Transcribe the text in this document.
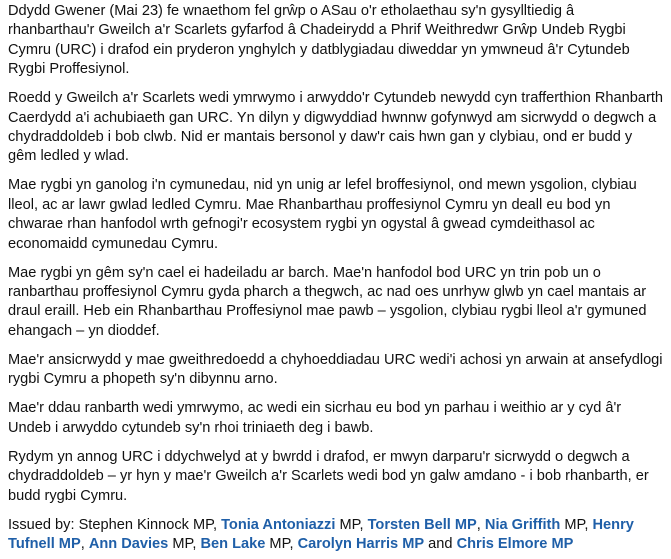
Ddydd Gwener (Mai 23) fe wnaethom fel grŵp o ASau o'r etholaethau sy'n gysylltiedig â rhanbarthau'r Gweilch a'r Scarlets gyfarfod â Chadeirydd a Phrif Weithredwr Grŵp Undeb Rygbi Cymru (URC) i drafod ein pryderon ynghylch y datblygiadau diweddar yn ymwneud â'r Cytundeb Rygbi Proffesiynol.

Roedd y Gweilch a'r Scarlets wedi ymrwymo i arwyddo'r Cytundeb newydd cyn trafferthion Rhanbarth Caerdydd a'i achubiaeth gan URC. Yn dilyn y digwyddiad hwnnw gofynwyd am sicrwydd o degwch a chydraddoldeb i bob clwb. Nid er mantais bersonol y daw'r cais hwn gan y clybiau, ond er budd y gêm ledled y wlad.

Mae rygbi yn ganolog i'n cymunedau, nid yn unig ar lefel broffesiynol, ond mewn ysgolion, clybiau lleol, ac ar lawr gwlad ledled Cymru. Mae Rhanbarthau proffesiynol Cymru yn deall eu bod yn chwarae rhan hanfodol wrth gefnogi'r ecosystem rygbi yn ogystal â gwead cymdeithasol ac economaidd cymunedau Cymru.

Mae rygbi yn gêm sy'n cael ei hadeiladu ar barch. Mae'n hanfodol bod URC yn trin pob un o ranbarthau proffesiynol Cymru gyda pharch a thegwch, ac nad oes unrhyw glwb yn cael mantais ar draul eraill. Heb ein Rhanbarthau Proffesiynol mae pawb – ysgolion, clybiau rygbi lleol a'r gymuned ehangach – yn dioddef.

Mae'r ansicrwydd y mae gweithredoedd a chyhoeddiadau URC wedi'i achosi yn arwain at ansefydlogi rygbi Cymru a phopeth sy'n dibynnu arno.

Mae'r ddau ranbarth wedi ymrwymo, ac wedi ein sicrhau eu bod yn parhau i weithio ar y cyd â'r Undeb i arwyddo cytundeb sy'n rhoi triniaeth deg i bawb.

Rydym yn annog URC i ddychwelyd at y bwrdd i drafod, er mwyn darparu'r sicrwydd o degwch a chydraddoldeb – yr hyn y mae'r Gweilch a'r Scarlets wedi bod yn galw amdano - i bob rhanbarth, er budd rygbi Cymru.

Issued by: Stephen Kinnock MP, Tonia Antoniazzi MP, Torsten Bell MP, Nia Griffith MP, Henry Tufnell MP, Ann Davies MP, Ben Lake MP, Carolyn Harris MP and Chris Elmore MP
